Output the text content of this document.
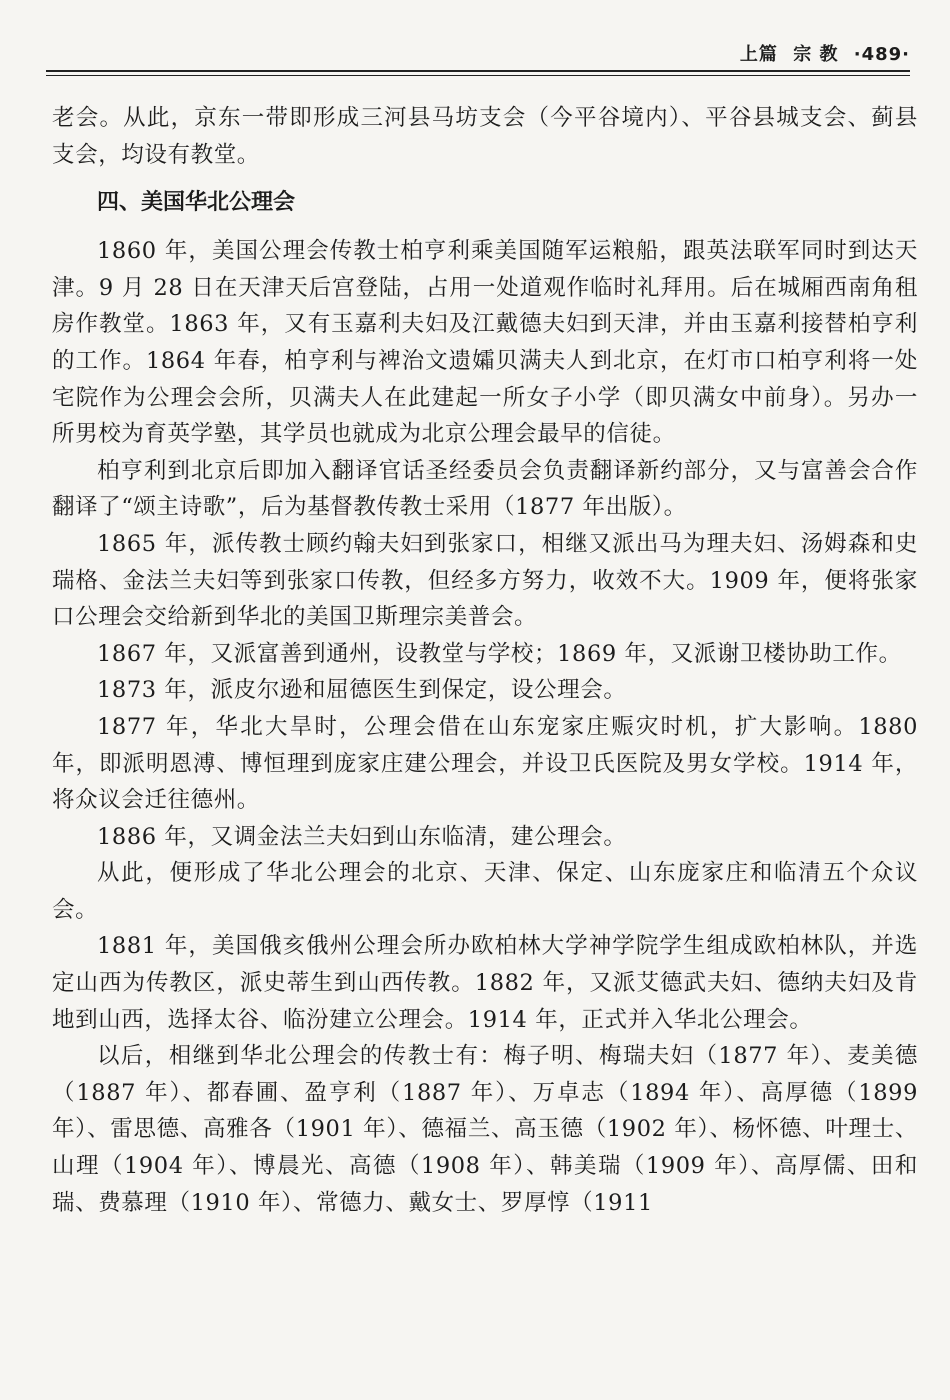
上篇 宗 教 ·489·

老会。从此，京东一带即形成三河县马坊支会（今平谷境内）、平谷县城支会、蓟县支会，均设有教堂。

四、美国华北公理会

1860 年，美国公理会传教士柏亨利乘美国随军运粮船，跟英法联军同时到达天津。9 月 28 日在天津天后宫登陆，占用一处道观作临时礼拜用。后在城厢西南角租房作教堂。1863 年，又有玉嘉利夫妇及江戴德夫妇到天津，并由玉嘉利接替柏亨利的工作。1864 年春，柏亨利与裨治文遗孀贝满夫人到北京，在灯市口柏亨利将一处宅院作为公理会会所，贝满夫人在此建起一所女子小学（即贝满女中前身）。另办一所男校为育英学塾，其学员也就成为北京公理会最早的信徒。

柏亨利到北京后即加入翻译官话圣经委员会负责翻译新约部分，又与富善会合作翻译了“颂主诗歌”，后为基督教传教士采用（1877 年出版）。

1865 年，派传教士顾约翰夫妇到张家口，相继又派出马为理夫妇、汤姆森和史瑞格、金法兰夫妇等到张家口传教，但经多方努力，收效不大。1909 年，便将张家口公理会交给新到华北的美国卫斯理宗美普会。

1867 年，又派富善到通州，设教堂与学校；1869 年，又派谢卫楼协助工作。

1873 年，派皮尔逊和屈德医生到保定，设公理会。

1877 年，华北大旱时，公理会借在山东宠家庄赈灾时机，扩大影响。1880 年，即派明恩溥、博恒理到庞家庄建公理会，并设卫氏医院及男女学校。1914 年，将众议会迁往德州。

1886 年，又调金法兰夫妇到山东临清，建公理会。

从此，便形成了华北公理会的北京、天津、保定、山东庞家庄和临清五个众议会。

1881 年，美国俄亥俄州公理会所办欧柏林大学神学院学生组成欧柏林队，并选定山西为传教区，派史蒂生到山西传教。1882 年，又派艾德武夫妇、德纳夫妇及肯地到山西，选择太谷、临汾建立公理会。1914 年，正式并入华北公理会。

以后，相继到华北公理会的传教士有：梅子明、梅瑞夫妇（1877 年）、麦美德（1887 年）、都春圃、盈亨利（1887 年）、万卓志（1894 年）、高厚德（1899 年）、雷思德、高雅各（1901 年）、德福兰、高玉德（1902 年）、杨怀德、叶理士、山理（1904 年）、博晨光、高德（1908 年）、韩美瑞（1909 年）、高厚儒、田和瑞、费慕理（1910 年）、常德力、戴女士、罗厚惇（1911
